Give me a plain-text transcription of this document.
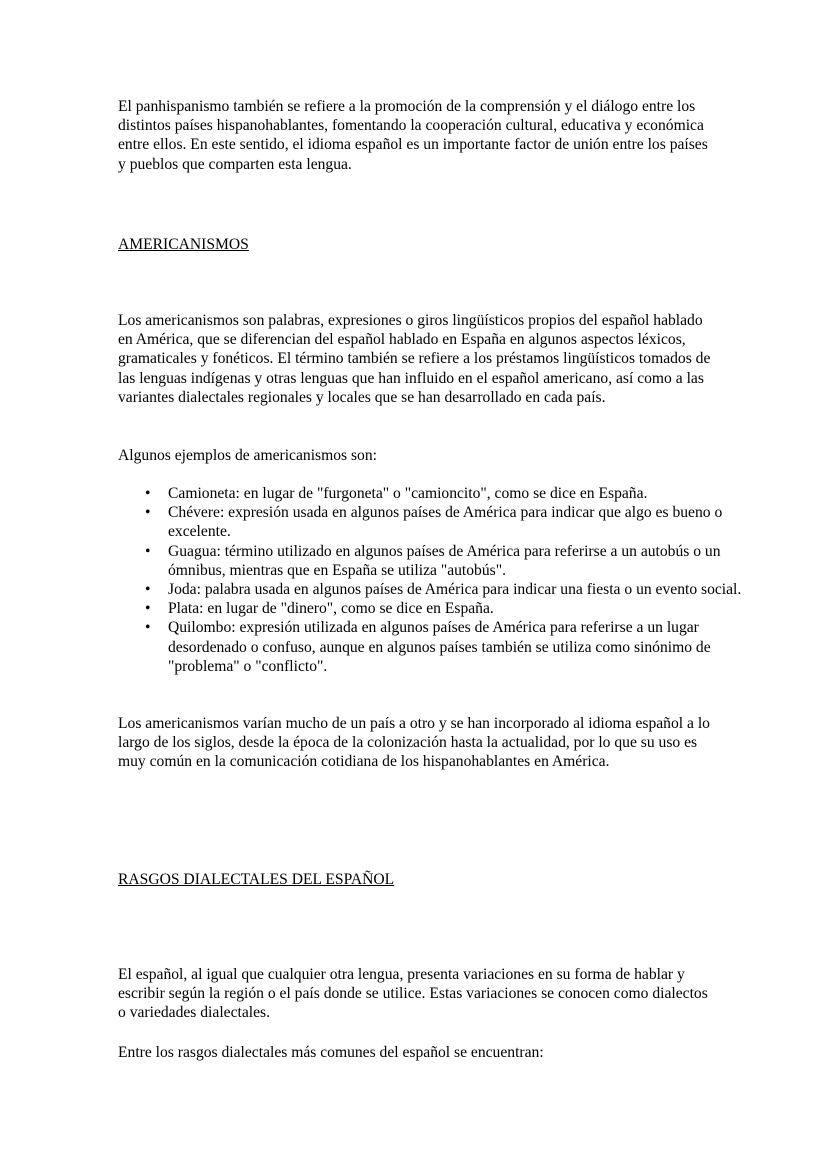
El panhispanismo también se refiere a la promoción de la comprensión y el diálogo entre los distintos países hispanohablantes, fomentando la cooperación cultural, educativa y económica entre ellos. En este sentido, el idioma español es un importante factor de unión entre los países y pueblos que comparten esta lengua.

AMERICANISMOS

Los americanismos son palabras, expresiones o giros lingüísticos propios del español hablado en América, que se diferencian del español hablado en España en algunos aspectos léxicos, gramaticales y fonéticos. El término también se refiere a los préstamos lingüísticos tomados de las lenguas indígenas y otras lenguas que han influido en el español americano, así como a las variantes dialectales regionales y locales que se han desarrollado en cada país.

Algunos ejemplos de americanismos son:

• Camioneta: en lugar de "furgoneta" o "camioncito", como se dice en España.
• Chévere: expresión usada en algunos países de América para indicar que algo es bueno o excelente.
• Guagua: término utilizado en algunos países de América para referirse a un autobús o un ómnibus, mientras que en España se utiliza "autobús".
• Joda: palabra usada en algunos países de América para indicar una fiesta o un evento social.
• Plata: en lugar de "dinero", como se dice en España.
• Quilombo: expresión utilizada en algunos países de América para referirse a un lugar desordenado o confuso, aunque en algunos países también se utiliza como sinónimo de "problema" o "conflicto".

Los americanismos varían mucho de un país a otro y se han incorporado al idioma español a lo largo de los siglos, desde la época de la colonización hasta la actualidad, por lo que su uso es muy común en la comunicación cotidiana de los hispanohablantes en América.

RASGOS DIALECTALES DEL ESPAÑOL

El español, al igual que cualquier otra lengua, presenta variaciones en su forma de hablar y escribir según la región o el país donde se utilice. Estas variaciones se conocen como dialectos o variedades dialectales.

Entre los rasgos dialectales más comunes del español se encuentran:
